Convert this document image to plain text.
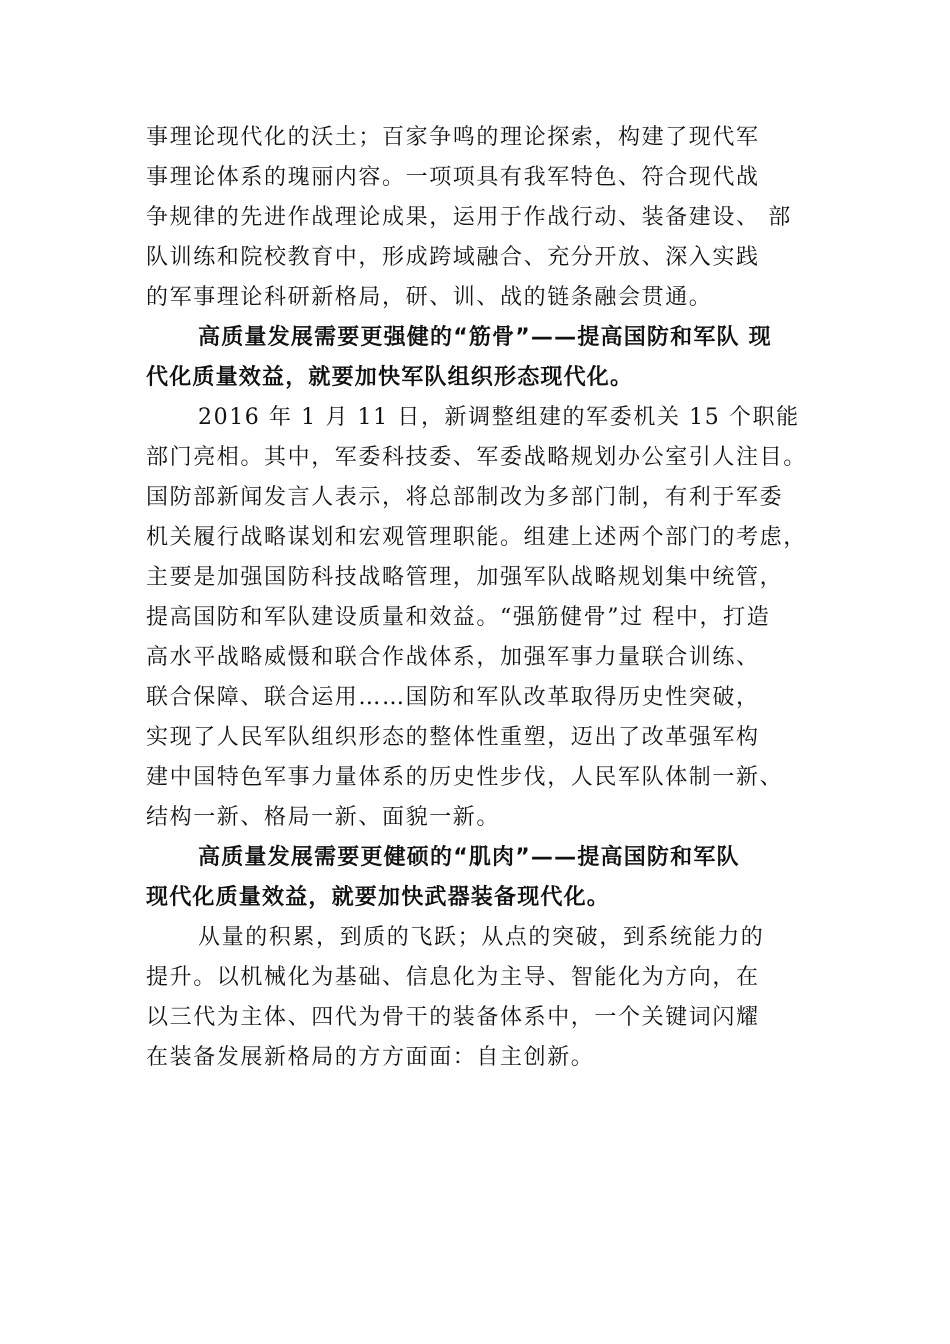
事理论现代化的沃土；百家争鸣的理论探索，构建了现代军
事理论体系的瑰丽内容。一项项具有我军特色、符合现代战
争规律的先进作战理论成果，运用于作战行动、装备建设、 部
队训练和院校教育中，形成跨域融合、充分开放、深入实践
的军事理论科研新格局，研、训、战的链条融会贯通。
高质量发展需要更强健的“筋骨”——提高国防和军队 现
代化质量效益，就要加快军队组织形态现代化。
2016 年 1 月 11 日，新调整组建的军委机关 15 个职能
部门亮相。其中，军委科技委、军委战略规划办公室引人注目。
国防部新闻发言人表示，将总部制改为多部门制，有利于军委
机关履行战略谋划和宏观管理职能。组建上述两个部门的考虑，
主要是加强国防科技战略管理，加强军队战略规划集中统管，
提高国防和军队建设质量和效益。“强筋健骨”过 程中，打造
高水平战略威慑和联合作战体系，加强军事力量联合训练、
联合保障、联合运用……国防和军队改革取得历史性突破，
实现了人民军队组织形态的整体性重塑，迈出了改革强军构
建中国特色军事力量体系的历史性步伐，人民军队体制一新、
结构一新、格局一新、面貌一新。
高质量发展需要更健硕的“肌肉”——提高国防和军队
现代化质量效益，就要加快武器装备现代化。
从量的积累，到质的飞跃；从点的突破，到系统能力的
提升。以机械化为基础、信息化为主导、智能化为方向，在
以三代为主体、四代为骨干的装备体系中，一个关键词闪耀
在装备发展新格局的方方面面：自主创新。
